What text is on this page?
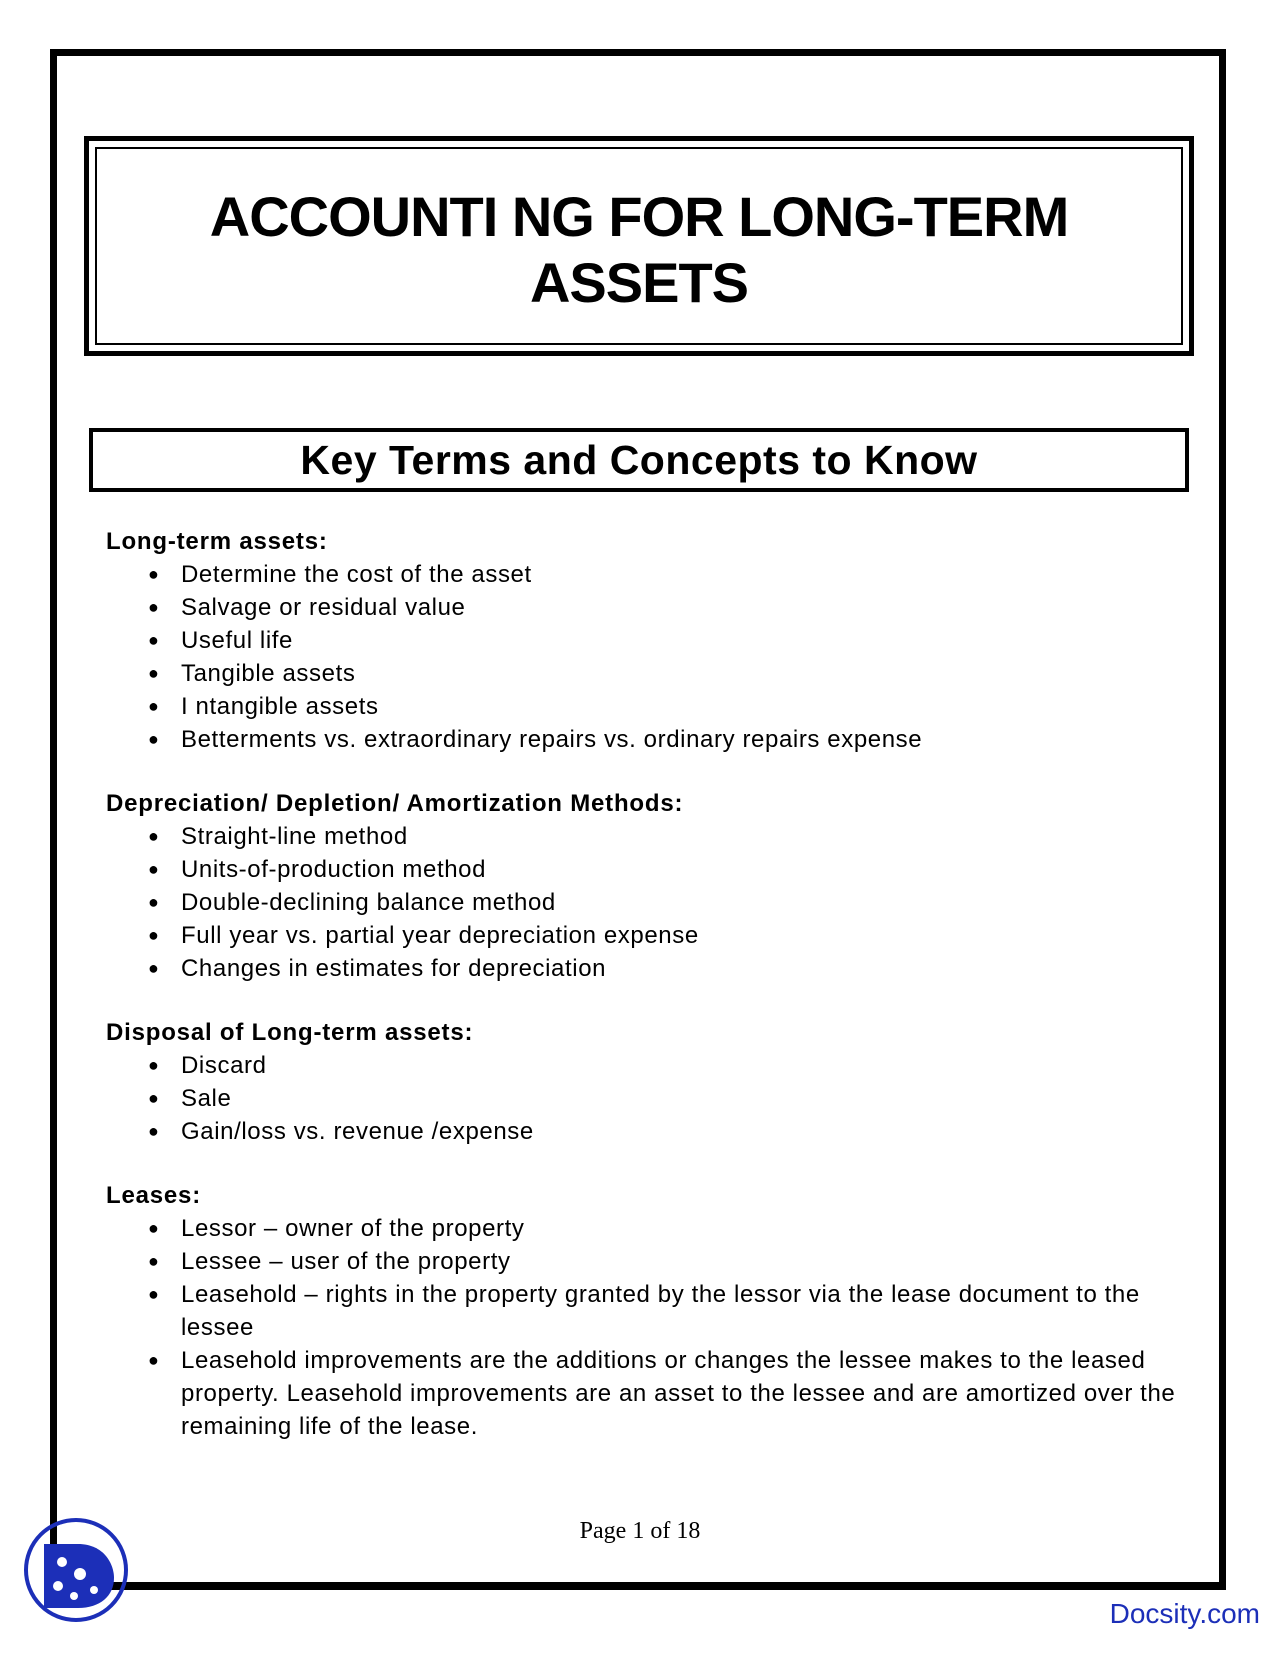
ACCOUNTI NG FOR LONG-TERM
ASSETS
Key Terms and Concepts to Know
Long-term assets:
● Determine the cost of the asset
● Salvage or residual value
● Useful life
● Tangible assets
● I ntangible assets
● Betterments vs. extraordinary repairs vs. ordinary repairs expense
Depreciation/ Depletion/ Amortization Methods:
● Straight-line method
● Units-of-production method
● Double-declining balance method
● Full year vs. partial year depreciation expense
● Changes in estimates for depreciation
Disposal of Long-term assets:
● Discard
● Sale
● Gain/loss vs. revenue /expense
Leases:
● Lessor – owner of the property
● Lessee – user of the property
● Leasehold – rights in the property granted by the lessor via the lease document to the lessee
● Leasehold improvements are the additions or changes the lessee makes to the leased property. Leasehold improvements are an asset to the lessee and are amortized over the remaining life of the lease.
Page 1 of 18
Docsity.com
